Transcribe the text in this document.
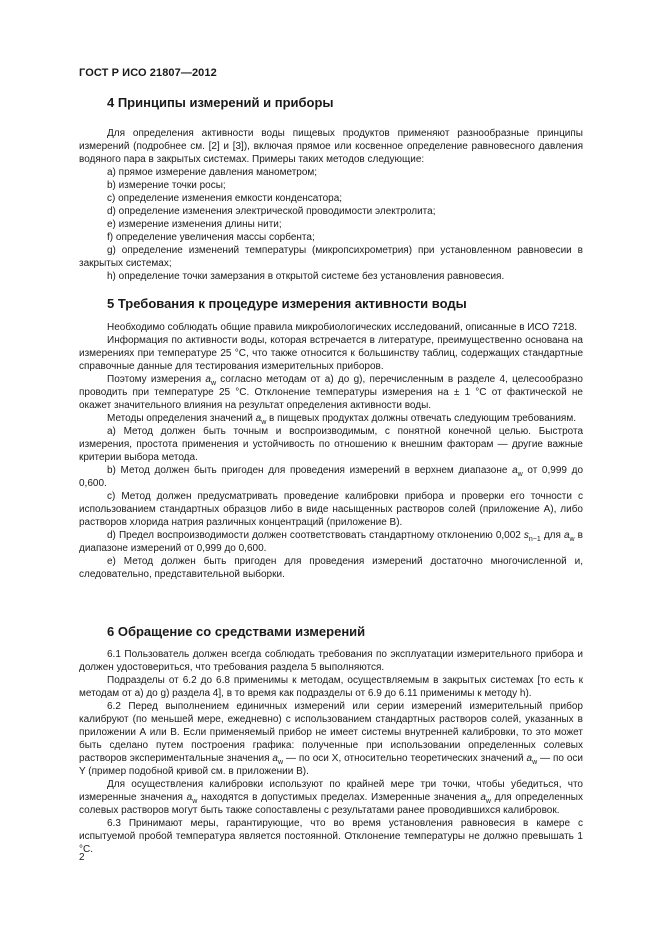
ГОСТ Р ИСО 21807—2012
4 Принципы измерений и приборы

Для определения активности воды пищевых продуктов применяют разнообразные принципы измерений (подробнее см. [2] и [3]), включая прямое или косвенное определение равновесного давления водяного пара в закрытых системах. Примеры таких методов следующие:

a) прямое измерение давления манометром;

b) измерение точки росы;

c) определение изменения емкости конденсатора;

d) определение изменения электрической проводимости электролита;

e) измерение изменения длины нити;

f) определение увеличения массы сорбента;

g) определение изменений температуры (микропсихрометрия) при установленном равновесии в закрытых системах;

h) определение точки замерзания в открытой системе без установления равновесия.

5 Требования к процедуре измерения активности воды

Необходимо соблюдать общие правила микробиологических исследований, описанные в ИСО 7218.

Информация по активности воды, которая встречается в литературе, преимущественно основана на измерениях при температуре 25 °С, что также относится к большинству таблиц, содержащих стандартные справочные данные для тестирования измерительных приборов.

Поэтому измерения $a_w$ согласно методам от a) до g), перечисленным в разделе 4, целесообразно проводить при температуре 25 °С. Отклонение температуры измерения на ± 1 °С от фактической не окажет значительного влияния на результат определения активности воды.

Методы определения значений $a_w$ в пищевых продуктах должны отвечать следующим требованиям.

a) Метод должен быть точным и воспроизводимым, с понятной конечной целью. Быстрота измерения, простота применения и устойчивость по отношению к внешним факторам — другие важные критерии выбора метода.

b) Метод должен быть пригоден для проведения измерений в верхнем диапазоне $a_w$ от 0,999 до 0,600.

c) Метод должен предусматривать проведение калибровки прибора и проверки его точности с использованием стандартных образцов либо в виде насыщенных растворов солей (приложение А), либо растворов хлорида натрия различных концентраций (приложение В).

d) Предел воспроизводимости должен соответствовать стандартному отклонению 0,002 $s_{n-1}$ для $a_w$ в диапазоне измерений от 0,999 до 0,600.

e) Метод должен быть пригоден для проведения измерений достаточно многочисленной и, следовательно, представительной выборки.

6 Обращение со средствами измерений

6.1 Пользователь должен всегда соблюдать требования по эксплуатации измерительного прибора и должен удостовериться, что требования раздела 5 выполняются.

Подразделы от 6.2 до 6.8 применимы к методам, осуществляемым в закрытых системах [то есть к методам от a) до g) раздела 4], в то время как подразделы от 6.9 до 6.11 применимы к методу h).

6.2 Перед выполнением единичных измерений или серии измерений измерительный прибор калибруют (по меньшей мере, ежедневно) с использованием стандартных растворов солей, указанных в приложении А или В. Если применяемый прибор не имеет системы внутренней калибровки, то это может быть сделано путем построения графика: полученные при использовании определенных солевых растворов экспериментальные значения $a_w$ — по оси X, относительно теоретических значений $a_w$ — по оси Y (пример подобной кривой см. в приложении В).

Для осуществления калибровки используют по крайней мере три точки, чтобы убедиться, что измеренные значения $a_w$ находятся в допустимых пределах. Измеренные значения $a_w$ для определенных солевых растворов могут быть также сопоставлены с результатами ранее проводившихся калибровок.

6.3 Принимают меры, гарантирующие, что во время установления равновесия в камере с испытуемой пробой температура является постоянной. Отклонение температуры не должно превышать 1 °С.

2
